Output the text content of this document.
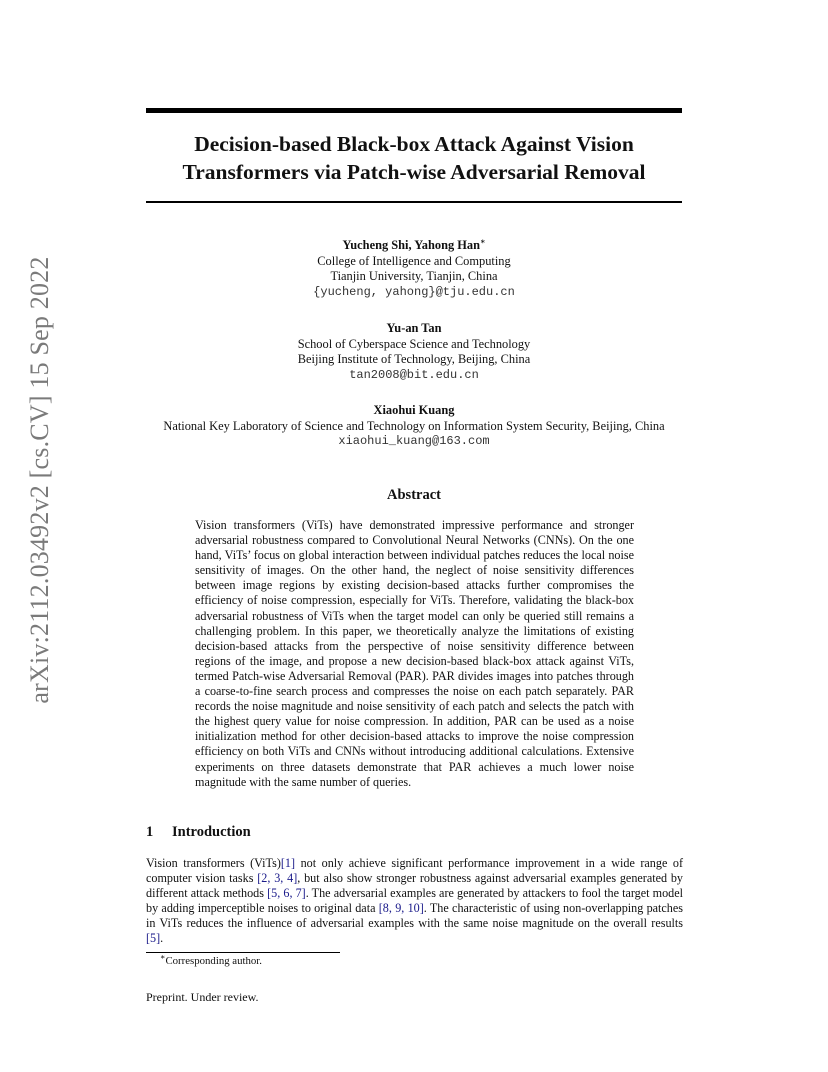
arXiv:2112.03492v2 [cs.CV] 15 Sep 2022
Decision-based Black-box Attack Against Vision
Transformers via Patch-wise Adversarial Removal
Yucheng Shi, Yahong Han∗
College of Intelligence and Computing
Tianjin University, Tianjin, China
{yucheng, yahong}@tju.edu.cn
Yu-an Tan
School of Cyberspace Science and Technology
Beijing Institute of Technology, Beijing, China
tan2008@bit.edu.cn
Xiaohui Kuang
National Key Laboratory of Science and Technology on Information System Security, Beijing, China
xiaohui_kuang@163.com
Abstract
Vision transformers (ViTs) have demonstrated impressive performance and stronger adversarial robustness compared to Convolutional Neural Networks (CNNs). On the one hand, ViTs’ focus on global interaction between individual patches reduces the local noise sensitivity of images. On the other hand, the neglect of noise sensitivity differences between image regions by existing decision-based attacks further compromises the efficiency of noise compression, especially for ViTs. Therefore, validating the black-box adversarial robustness of ViTs when the target model can only be queried still remains a challenging problem. In this paper, we theoretically analyze the limitations of existing decision-based attacks from the perspective of noise sensitivity difference between regions of the image, and propose a new decision-based black-box attack against ViTs, termed Patch-wise Adversarial Removal (PAR). PAR divides images into patches through a coarse-to-fine search process and compresses the noise on each patch separately. PAR records the noise magnitude and noise sensitivity of each patch and selects the patch with the highest query value for noise compression. In addition, PAR can be used as a noise initialization method for other decision-based attacks to improve the noise compression efficiency on both ViTs and CNNs without introducing additional calculations. Extensive experiments on three datasets demonstrate that PAR achieves a much lower noise magnitude with the same number of queries.
1 Introduction
Vision transformers (ViTs)[1] not only achieve significant performance improvement in a wide range of computer vision tasks [2, 3, 4], but also show stronger robustness against adversarial examples generated by different attack methods [5, 6, 7]. The adversarial examples are generated by attackers to fool the target model by adding imperceptible noises to original data [8, 9, 10]. The characteristic of using non-overlapping patches in ViTs reduces the influence of adversarial examples with the same noise magnitude on the overall results [5].
∗Corresponding author.
Preprint. Under review.
